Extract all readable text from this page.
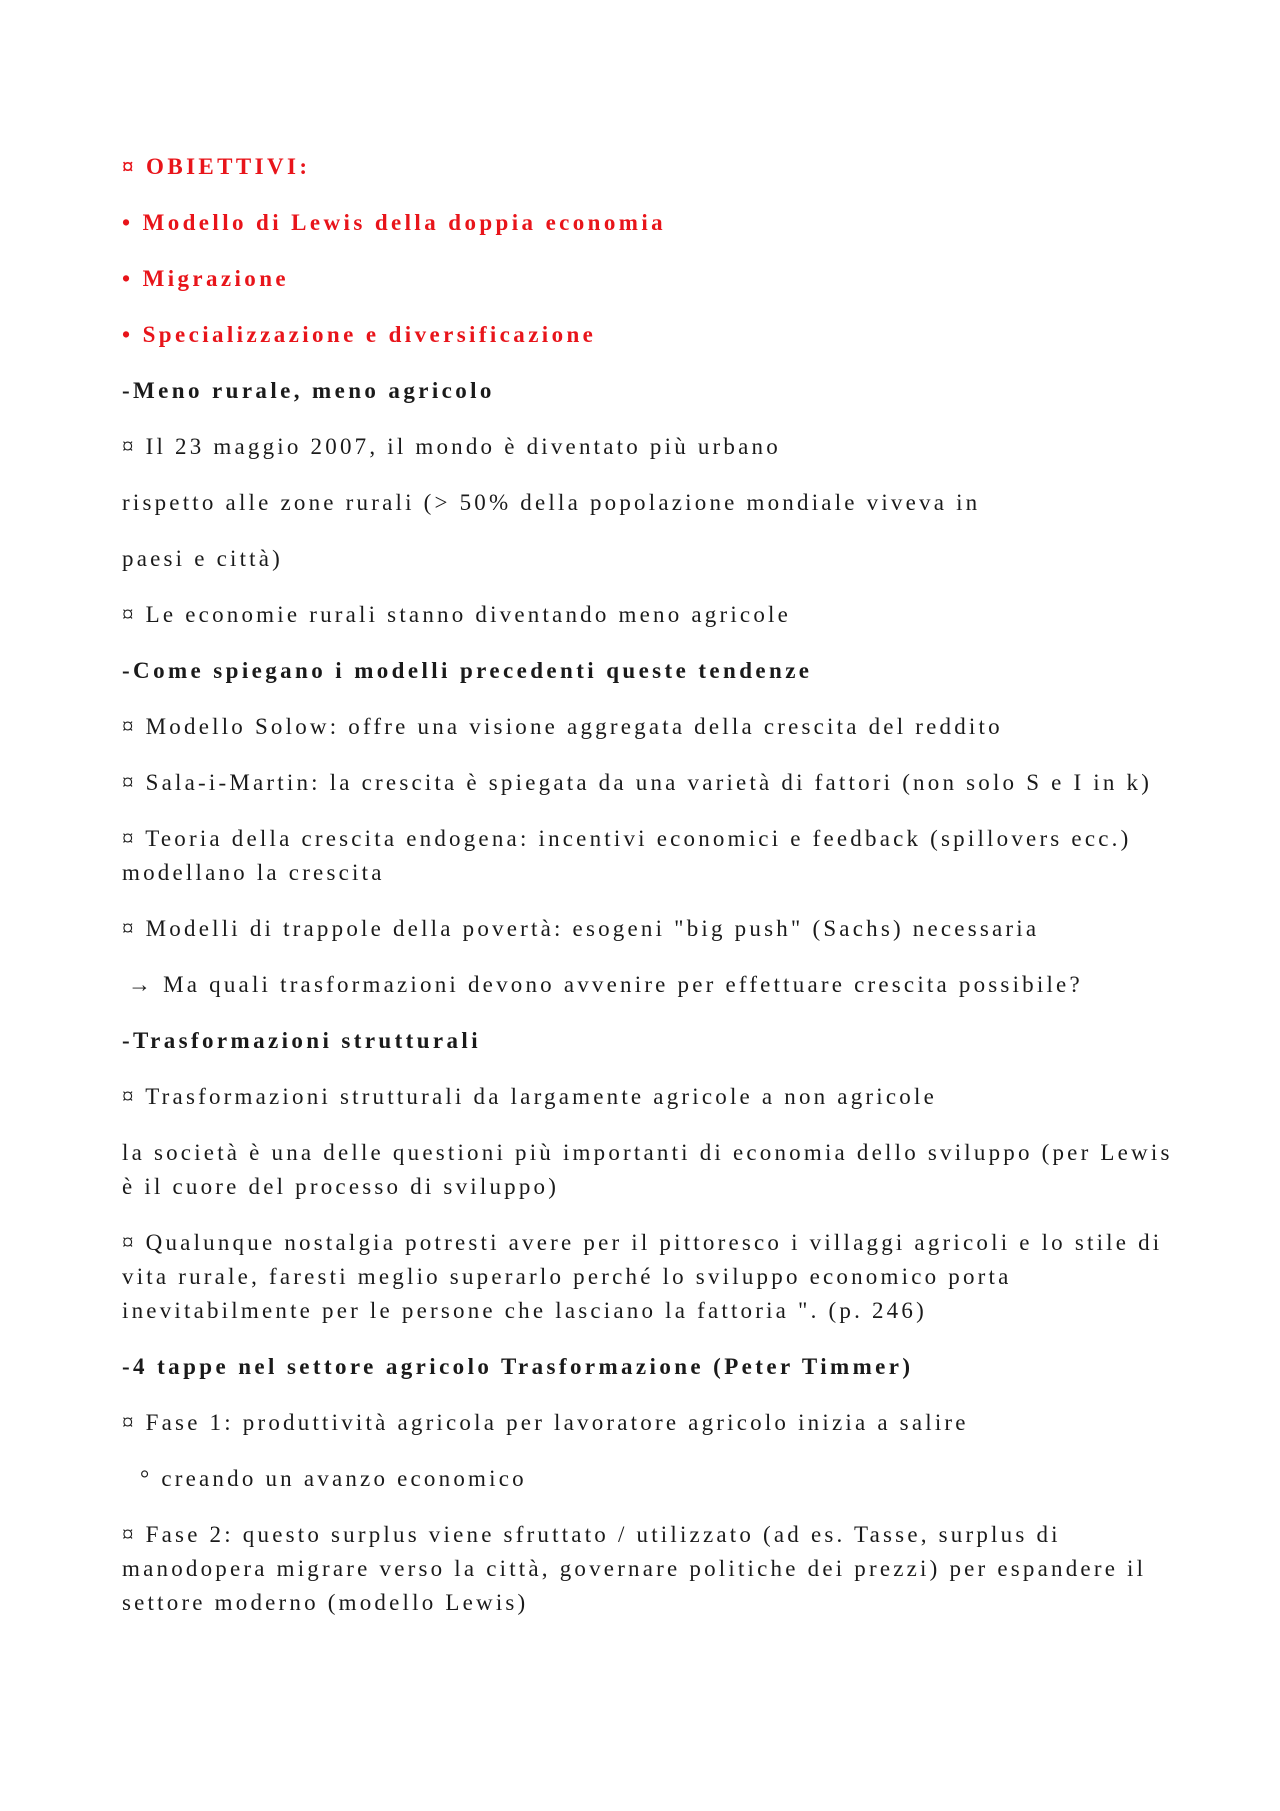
¤ OBIETTIVI:

• Modello di Lewis della doppia economia

• Migrazione

• Specializzazione e diversificazione

-Meno rurale, meno agricolo

¤ Il 23 maggio 2007, il mondo è diventato più urbano

rispetto alle zone rurali (> 50% della popolazione mondiale viveva in

paesi e città)

¤ Le economie rurali stanno diventando meno agricole

-Come spiegano i modelli precedenti queste tendenze

¤ Modello Solow: offre una visione aggregata della crescita del reddito

¤ Sala-i-Martin: la crescita è spiegata da una varietà di fattori (non solo S e I in k)

¤ Teoria della crescita endogena: incentivi economici e feedback (spillovers ecc.) modellano la crescita

¤ Modelli di trappole della povertà: esogeni "big push" (Sachs) necessaria

→ Ma quali trasformazioni devono avvenire per effettuare crescita possibile?

-Trasformazioni strutturali

¤ Trasformazioni strutturali da largamente agricole a non agricole

la società è una delle questioni più importanti di economia dello sviluppo (per Lewis è il cuore del processo di sviluppo)

¤ Qualunque nostalgia potresti avere per il pittoresco i villaggi agricoli e lo stile di vita rurale, faresti meglio superarlo perché lo sviluppo economico porta inevitabilmente per le persone che lasciano la fattoria ". (p. 246)

-4 tappe nel settore agricolo Trasformazione (Peter Timmer)

¤ Fase 1: produttività agricola per lavoratore agricolo inizia a salire

° creando un avanzo economico

¤ Fase 2: questo surplus viene sfruttato / utilizzato (ad es. Tasse, surplus di manodopera migrare verso la città, governare politiche dei prezzi) per espandere il settore moderno (modello Lewis)
